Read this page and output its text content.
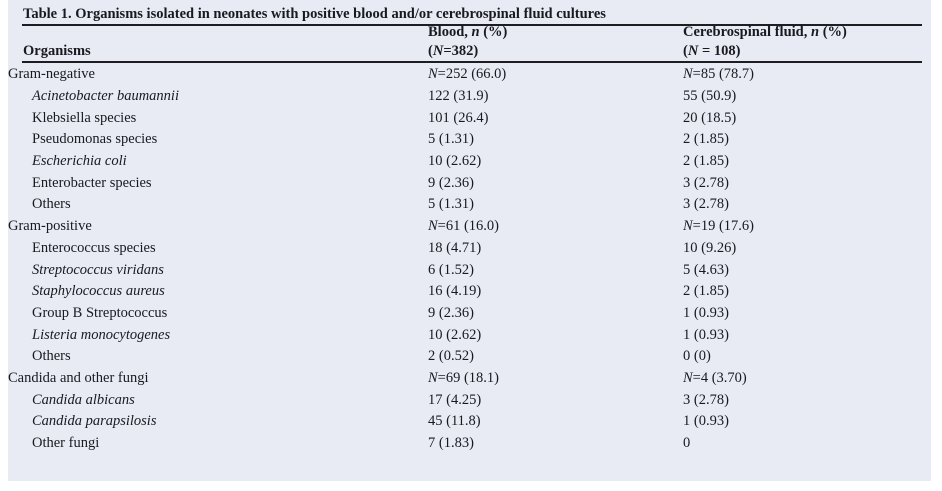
Table 1. Organisms isolated in neonates with positive blood and/or cerebrospinal fluid cultures
Organisms
Blood, n (%)
(N=382)
Cerebrospinal fluid, n (%)
(N = 108)
Gram-negative	N=252 (66.0)	N=85 (78.7)
Acinetobacter baumannii	122 (31.9)	55 (50.9)
Klebsiella species	101 (26.4)	20 (18.5)
Pseudomonas species	5 (1.31)	2 (1.85)
Escherichia coli	10 (2.62)	2 (1.85)
Enterobacter species	9 (2.36)	3 (2.78)
Others	5 (1.31)	3 (2.78)
Gram-positive	N=61 (16.0)	N=19 (17.6)
Enterococcus species	18 (4.71)	10 (9.26)
Streptococcus viridans	6 (1.52)	5 (4.63)
Staphylococcus aureus	16 (4.19)	2 (1.85)
Group B Streptococcus	9 (2.36)	1 (0.93)
Listeria monocytogenes	10 (2.62)	1 (0.93)
Others	2 (0.52)	0 (0)
Candida and other fungi	N=69 (18.1)	N=4 (3.70)
Candida albicans	17 (4.25)	3 (2.78)
Candida parapsilosis	45 (11.8)	1 (0.93)
Other fungi	7 (1.83)	0
